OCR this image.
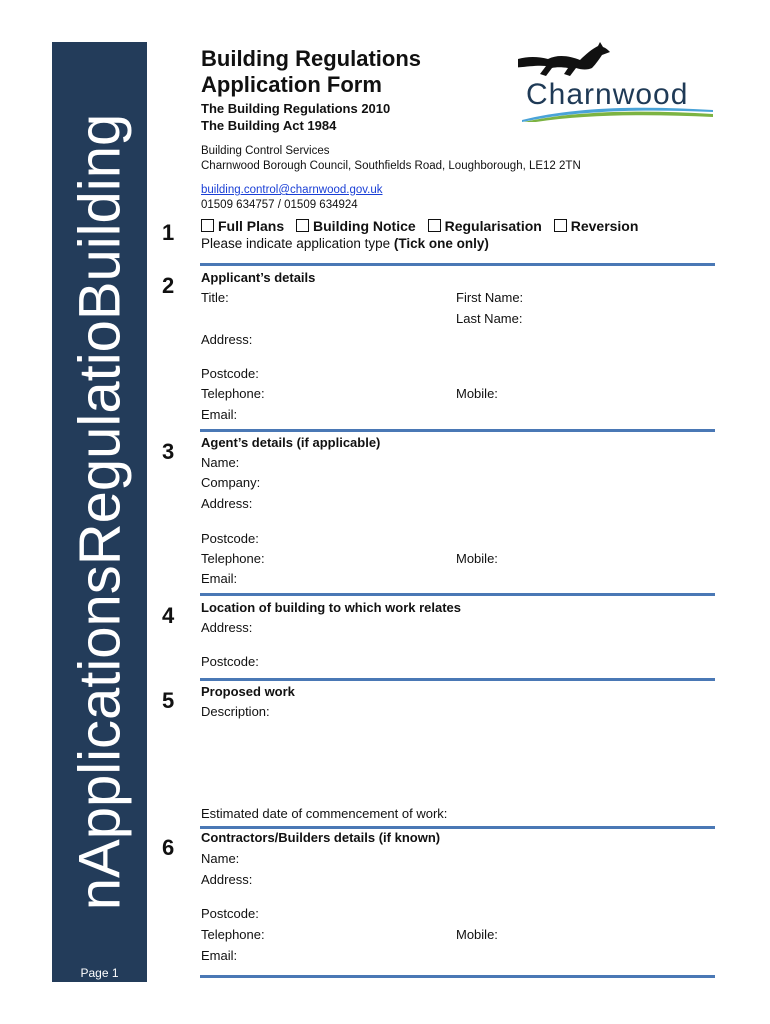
nApplicationsRegulatioBuilding
Page 1
Building Regulations
Application Form
The Building Regulations 2010
The Building Act 1984
Building Control Services
Charnwood Borough Council, Southfields Road, Loughborough, LE12 2TN
building.control@charnwood.gov.uk
01509 634757 / 01509 634924
Charnwood
1	Full Plans Building Notice Regularisation Reversion
Please indicate application type (Tick one only)
2 Applicant’s details
Title:	First Name:
Last Name:
Address:
Postcode:
Telephone:	Mobile:
Email:
3 Agent’s details (if applicable)
Name:
Company:
Address:
Postcode:
Telephone:	Mobile:
Email:
4 Location of building to which work relates
Address:
Postcode:
5 Proposed work
Description:
Estimated date of commencement of work:
6 Contractors/Builders details (if known)
Name:
Address:
Postcode:
Telephone:	Mobile:
Email:
